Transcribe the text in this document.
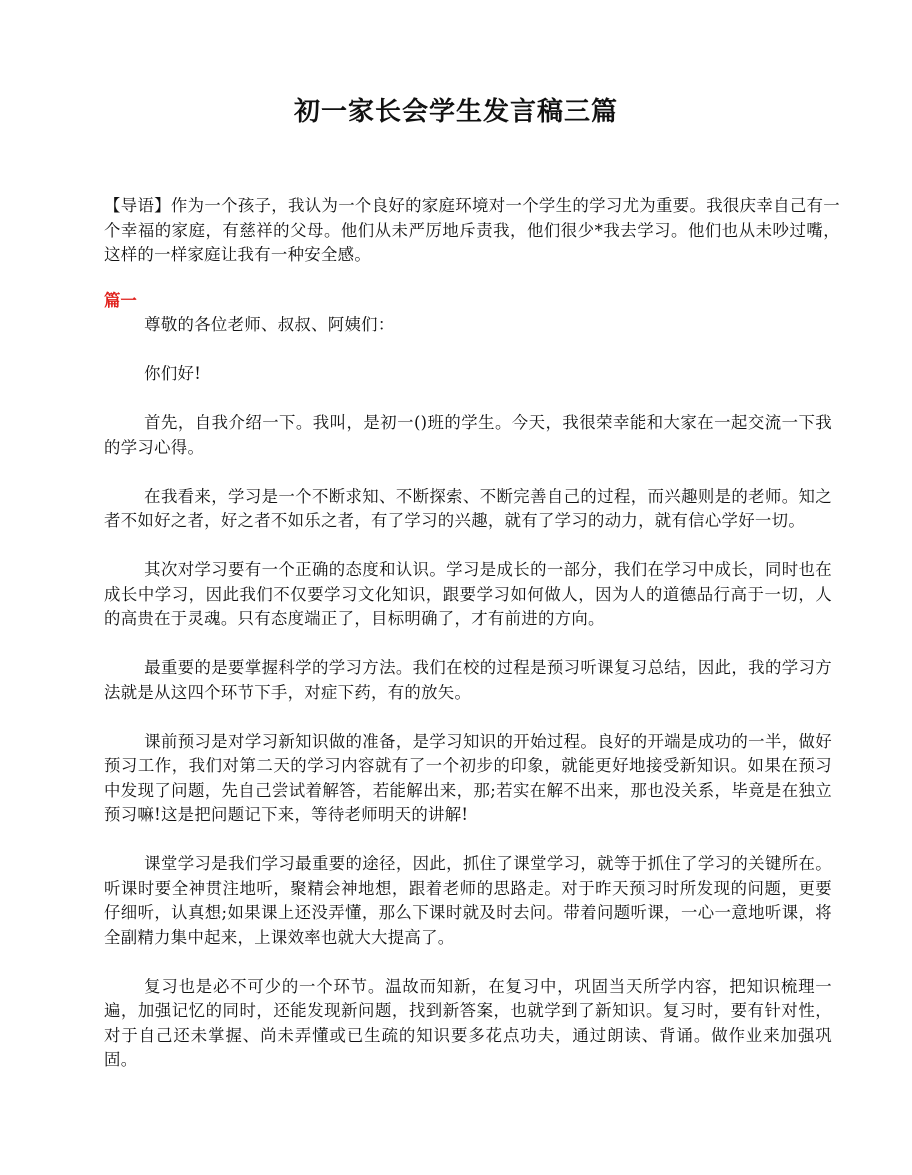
初一家长会学生发言稿三篇
【导语】作为一个孩子，我认为一个良好的家庭环境对一个学生的学习尤为重要。我很庆幸自己有一个幸福的家庭，有慈祥的父母。他们从未严厉地斥责我，他们很少*我去学习。他们也从未吵过嘴，这样的一样家庭让我有一种安全感。
篇一

尊敬的各位老师、叔叔、阿姨们：

你们好!

首先，自我介绍一下。我叫，是初一()班的学生。今天，我很荣幸能和大家在一起交流一下我的学习心得。

在我看来，学习是一个不断求知、不断探索、不断完善自己的过程，而兴趣则是的老师。知之者不如好之者，好之者不如乐之者，有了学习的兴趣，就有了学习的动力，就有信心学好一切。

其次对学习要有一个正确的态度和认识。学习是成长的一部分，我们在学习中成长，同时也在成长中学习，因此我们不仅要学习文化知识，跟要学习如何做人，因为人的道德品行高于一切，人的高贵在于灵魂。只有态度端正了，目标明确了，才有前进的方向。

最重要的是要掌握科学的学习方法。我们在校的过程是预习听课复习总结，因此，我的学习方法就是从这四个环节下手，对症下药，有的放矢。

课前预习是对学习新知识做的准备，是学习知识的开始过程。良好的开端是成功的一半，做好预习工作，我们对第二天的学习内容就有了一个初步的印象，就能更好地接受新知识。如果在预习中发现了问题，先自己尝试着解答，若能解出来，那;若实在解不出来，那也没关系，毕竟是在独立预习嘛!这是把问题记下来，等待老师明天的讲解!

课堂学习是我们学习最重要的途径，因此，抓住了课堂学习，就等于抓住了学习的关键所在。听课时要全神贯注地听，聚精会神地想，跟着老师的思路走。对于昨天预习时所发现的问题，更要仔细听，认真想;如果课上还没弄懂，那么下课时就及时去问。带着问题听课，一心一意地听课，将全副精力集中起来，上课效率也就大大提高了。

复习也是必不可少的一个环节。温故而知新，在复习中，巩固当天所学内容，把知识梳理一遍，加强记忆的同时，还能发现新问题，找到新答案，也就学到了新知识。复习时，要有针对性，对于自己还未掌握、尚未弄懂或已生疏的知识要多花点功夫，通过朗读、背诵。做作业来加强巩固。
